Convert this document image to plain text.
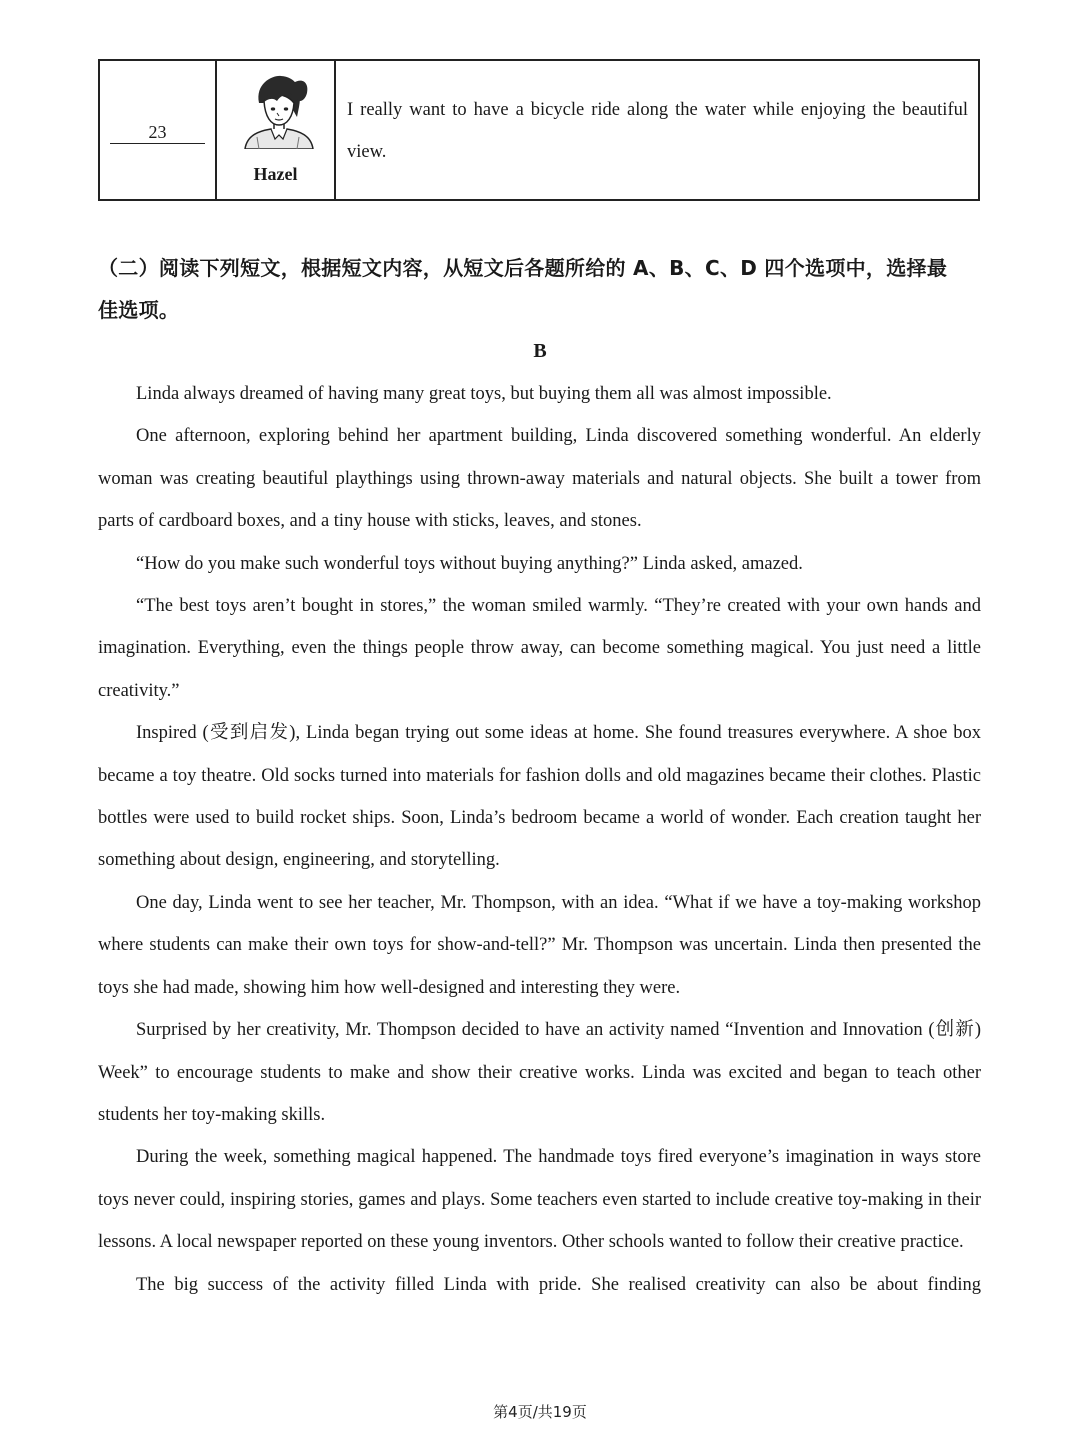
23
Hazel
I really want to have a bicycle ride along the water while enjoying the beautiful view.
（二）阅读下列短文，根据短文内容，从短文后各题所给的 A、B、C、D 四个选项中，选择最佳选项。
B

Linda always dreamed of having many great toys, but buying them all was almost impossible.

One afternoon, exploring behind her apartment building, Linda discovered something wonderful. An elderly woman was creating beautiful playthings using thrown-away materials and natural objects. She built a tower from parts of cardboard boxes, and a tiny house with sticks, leaves, and stones.

“How do you make such wonderful toys without buying anything?” Linda asked, amazed.

“The best toys aren’t bought in stores,” the woman smiled warmly. “They’re created with your own hands and imagination. Everything, even the things people throw away, can become something magical. You just need a little creativity.”

Inspired (受到启发), Linda began trying out some ideas at home. She found treasures everywhere. A shoe box became a toy theatre. Old socks turned into materials for fashion dolls and old magazines became their clothes. Plastic bottles were used to build rocket ships. Soon, Linda’s bedroom became a world of wonder. Each creation taught her something about design, engineering, and storytelling.

One day, Linda went to see her teacher, Mr. Thompson, with an idea. “What if we have a toy-making workshop where students can make their own toys for show-and-tell?” Mr. Thompson was uncertain. Linda then presented the toys she had made, showing him how well-designed and interesting they were.

Surprised by her creativity, Mr. Thompson decided to have an activity named “Invention and Innovation (创新) Week” to encourage students to make and show their creative works. Linda was excited and began to teach other students her toy-making skills.

During the week, something magical happened. The handmade toys fired everyone’s imagination in ways store toys never could, inspiring stories, games and plays. Some teachers even started to include creative toy-making in their lessons. A local newspaper reported on these young inventors. Other schools wanted to follow their creative practice.

The big success of the activity filled Linda with pride. She realised creativity can also be about finding

第4页/共19页
